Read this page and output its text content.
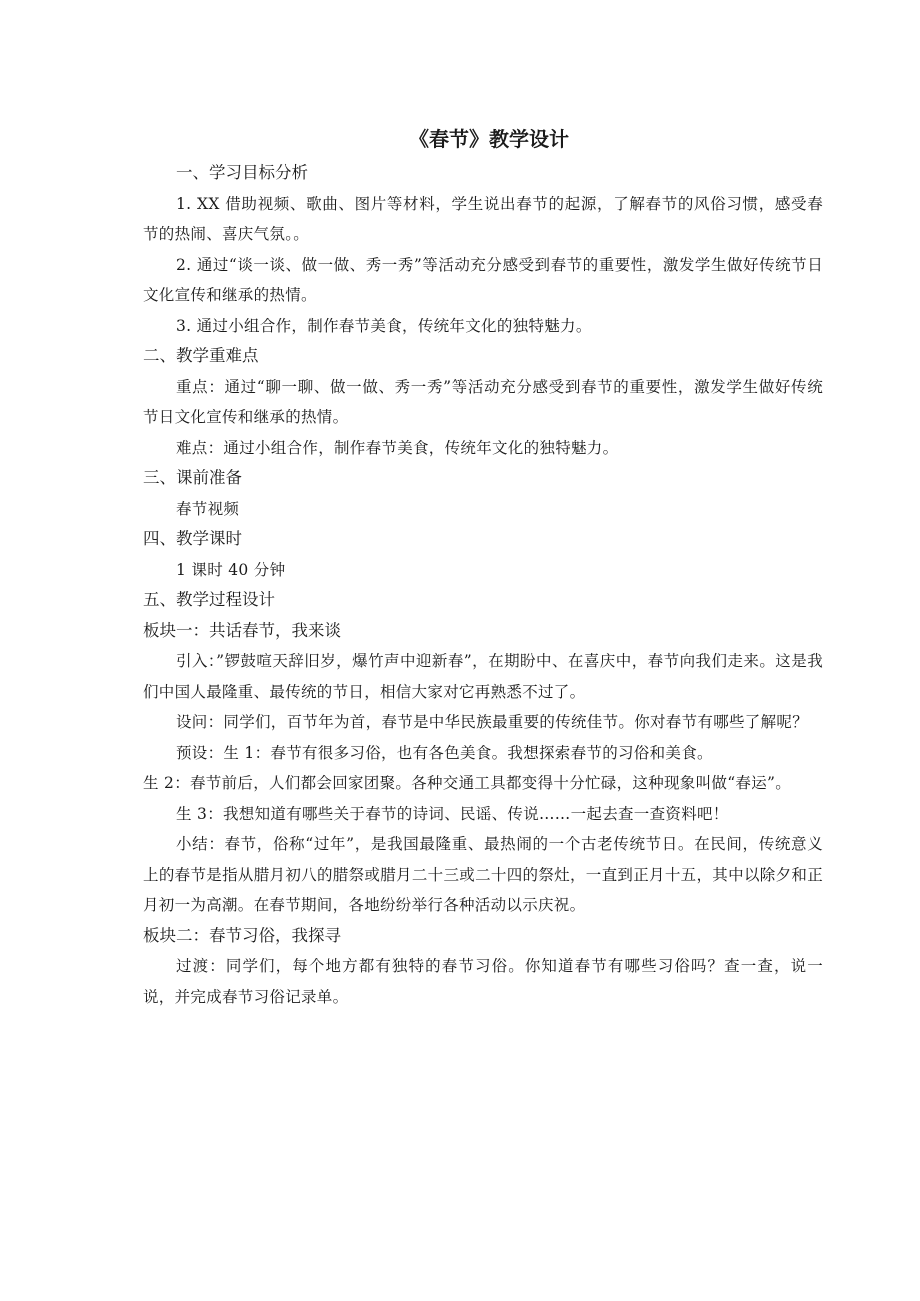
《春节》教学设计

一、学习目标分析

1. XX 借助视频、歌曲、图片等材料，学生说出春节的起源，了解春节的风俗习惯，感受春节的热闹、喜庆气氛。。

2. 通过“谈一谈、做一做、秀一秀”等活动充分感受到春节的重要性，激发学生做好传统节日文化宣传和继承的热情。

3. 通过小组合作，制作春节美食，传统年文化的独特魅力。

二、教学重难点

重点：通过“聊一聊、做一做、秀一秀”等活动充分感受到春节的重要性，激发学生做好传统节日文化宣传和继承的热情。

难点：通过小组合作，制作春节美食，传统年文化的独特魅力。

三、课前准备

春节视频

四、教学课时

1 课时 40 分钟

五、教学过程设计

板块一：共话春节，我来谈

引入：”锣鼓喧天辞旧岁，爆竹声中迎新春”，在期盼中、在喜庆中，春节向我们走来。这是我们中国人最隆重、最传统的节日，相信大家对它再熟悉不过了。

设问：同学们，百节年为首，春节是中华民族最重要的传统佳节。你对春节有哪些了解呢？

预设：生 1：春节有很多习俗，也有各色美食。我想探索春节的习俗和美食。

生 2：春节前后，人们都会回家团聚。各种交通工具都变得十分忙碌，这种现象叫做“春运”。

生 3：我想知道有哪些关于春节的诗词、民谣、传说……一起去查一查资料吧！

小结：春节，俗称“过年”，是我国最隆重、最热闹的一个古老传统节日。在民间，传统意义上的春节是指从腊月初八的腊祭或腊月二十三或二十四的祭灶，一直到正月十五，其中以除夕和正月初一为高潮。在春节期间，各地纷纷举行各种活动以示庆祝。

板块二：春节习俗，我探寻

过渡：同学们，每个地方都有独特的春节习俗。你知道春节有哪些习俗吗？查一查，说一说，并完成春节习俗记录单。
